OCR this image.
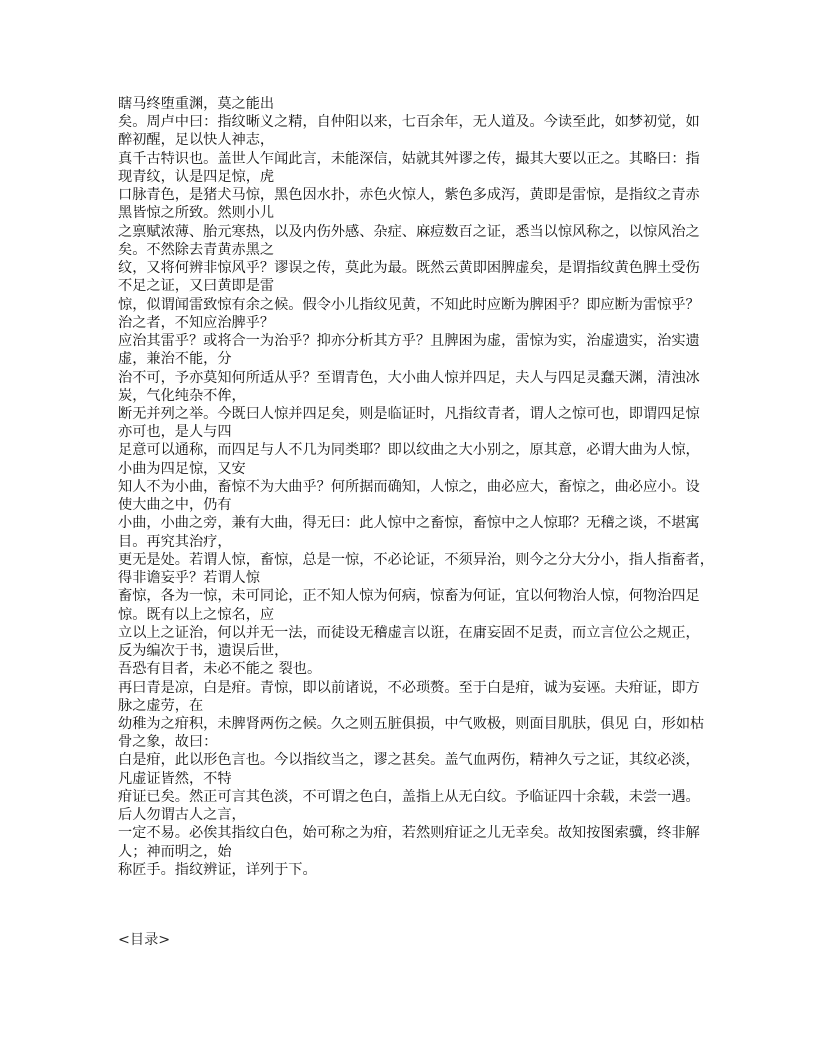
瞎马终堕重渊，莫之能出
矣。周卢中曰：指纹晰义之精，自仲阳以来，七百余年，无人道及。今读至此，如梦初觉，如
醉初醒，足以快人神志，
真千古特识也。盖世人乍闻此言，未能深信，姑就其舛谬之传，撮其大要以正之。其略曰：指
现青纹，认是四足惊，虎
口脉青色，是猪犬马惊，黑色因水扑，赤色火惊人，紫色多成泻，黄即是雷惊，是指纹之青赤
黑皆惊之所致。然则小儿
之禀赋浓薄、胎元寒热，以及内伤外感、杂症、麻痘数百之证，悉当以惊风称之，以惊风治之
矣。不然除去青黄赤黑之
纹，又将何辨非惊风乎？谬误之传，莫此为最。既然云黄即困脾虚矣，是谓指纹黄色脾土受伤
不足之证，又曰黄即是雷
惊，似谓闻雷致惊有余之候。假令小儿指纹见黄，不知此时应断为脾困乎？即应断为雷惊乎？
治之者，不知应治脾乎？
应治其雷乎？或将合一为治乎？抑亦分析其方乎？且脾困为虚，雷惊为实，治虚遗实，治实遗
虚，兼治不能，分
治不可，予亦莫知何所适从乎？至谓青色，大小曲人惊并四足，夫人与四足灵蠢天渊，清浊冰
炭，气化纯杂不侔，
断无并列之举。今既曰人惊并四足矣，则是临证时，凡指纹青者，谓人之惊可也，即谓四足惊
亦可也，是人与四
足意可以通称，而四足与人不几为同类耶？即以纹曲之大小别之，原其意，必谓大曲为人惊，
小曲为四足惊，又安
知人不为小曲，畜惊不为大曲乎？何所据而确知，人惊之，曲必应大，畜惊之，曲必应小。设
使大曲之中，仍有
小曲，小曲之旁，兼有大曲，得无曰：此人惊中之畜惊，畜惊中之人惊耶？无稽之谈，不堪寓
目。再究其治疗，
更无是处。若谓人惊，畜惊，总是一惊，不必论证，不须异治，则今之分大分小，指人指畜者，
得非谵妄乎？若谓人惊
畜惊，各为一惊，未可同论，正不知人惊为何病，惊畜为何证，宜以何物治人惊，何物治四足
惊。既有以上之惊名，应
立以上之证治，何以并无一法，而徒设无稽虚言以诳，在庸妄固不足责，而立言位公之规正，
反为编次于书，遗误后世，
吾恐有目者，未必不能之 裂也。
再曰青是凉，白是疳。青惊，即以前诸说，不必琐赘。至于白是疳，诚为妄诬。夫疳证，即方
脉之虚劳，在
幼稚为之疳积，未脾肾两伤之候。久之则五脏俱损，中气败极，则面目肌肤，俱见 白，形如枯
骨之象，故曰：
白是疳，此以形色言也。今以指纹当之，谬之甚矣。盖气血两伤，精神久亏之证，其纹必淡，
凡虚证皆然，不特
疳证已矣。然正可言其色淡，不可谓之色白，盖指上从无白纹。予临证四十余载，未尝一遇。
后人勿谓古人之言，
一定不易。必俟其指纹白色，始可称之为疳，若然则疳证之儿无幸矣。故知按图索骥，终非解
人；神而明之，始
称匠手。指纹辨证，详列于下。
<目录>
